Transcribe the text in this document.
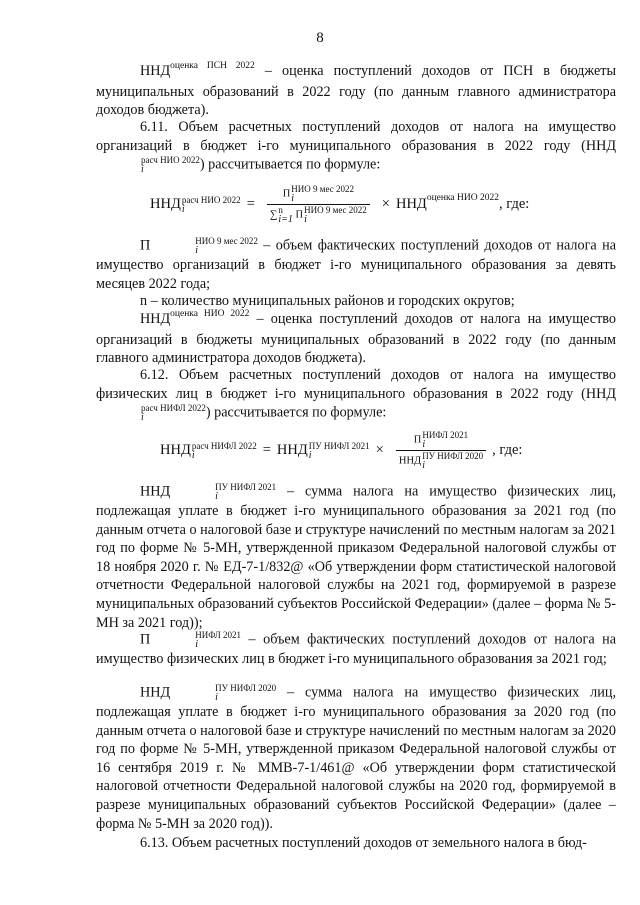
8
$ННД^{оценка ПСН 2022}$ – оценка поступлений доходов от ПСН в бюджеты муниципальных образований в 2022 году (по данным главного администратора доходов бюджета).
6.11. Объем расчетных поступлений доходов от налога на имущество организаций в бюджет i-го муниципального образования в 2022 году (ННД
расч НИО 2022
i	) рассчитывается по формуле:
ННД расч НИО 2022
i	= П НИО 9 мес 2022
i
∑ n
i=1 П НИО 9 мес 2022
i × ННД оценка НИО 2022 , где:
П	НИО 9 мес 2022
i	– объем фактических поступлений доходов от налога на имущество организаций в бюджет i-го муниципального образования за девять месяцев 2022 года;
n – количество муниципальных районов и городских округов;
$ННД^{оценка НИО 2022}$ – оценка поступлений доходов от налога на имущество организаций в бюджеты муниципальных образований в 2022 году (по данным главного администратора доходов бюджета).
6.12. Объем расчетных поступлений доходов от налога на имущество физических лиц в бюджет i-го муниципального образования в 2022 году (ННД
расч НИФЛ 2022
i	) рассчитывается по формуле:
ННД расч НИФЛ 2022
i	= ННД ПУ НИФЛ 2021
i	× П НИФЛ 2021
i
ННД ПУ НИФЛ 2020
i , где:
ННД	ПУ НИФЛ 2021
i	– сумма налога на имущество физических лиц, подлежащая уплате в бюджет i-го муниципального образования за 2021 год (по данным отчета о налоговой базе и структуре начислений по местным налогам за 2021 год по форме № 5-МН, утвержденной приказом Федеральной налоговой службы от 18 ноября 2020 г. № ЕД-7-1/832@ «Об утверждении форм статистической налоговой отчетности Федеральной налоговой службы на 2021 год, формируемой в разрезе муниципальных образований субъектов Российской Федерации» (далее – форма № 5-МН за 2021 год));
П	НИФЛ 2021
i	– объем фактических поступлений доходов от налога на имущество физических лиц в бюджет i-го муниципального образования за 2021 год;
ННД	ПУ НИФЛ 2020
i	– сумма налога на имущество физических лиц, подлежащая уплате в бюджет i-го муниципального образования за 2020 год (по данным отчета о налоговой базе и структуре начислений по местным налогам за 2020 год по форме № 5-МН, утвержденной приказом Федеральной налоговой службы от 16 сентября 2019 г. № ММВ-7-1/461@ «Об утверждении форм статистической налоговой отчетности Федеральной налоговой службы на 2020 год, формируемой в разрезе муниципальных образований субъектов Российской Федерации» (далее – форма № 5-МН за 2020 год)).
6.13. Объем расчетных поступлений доходов от земельного налога в бюд-
